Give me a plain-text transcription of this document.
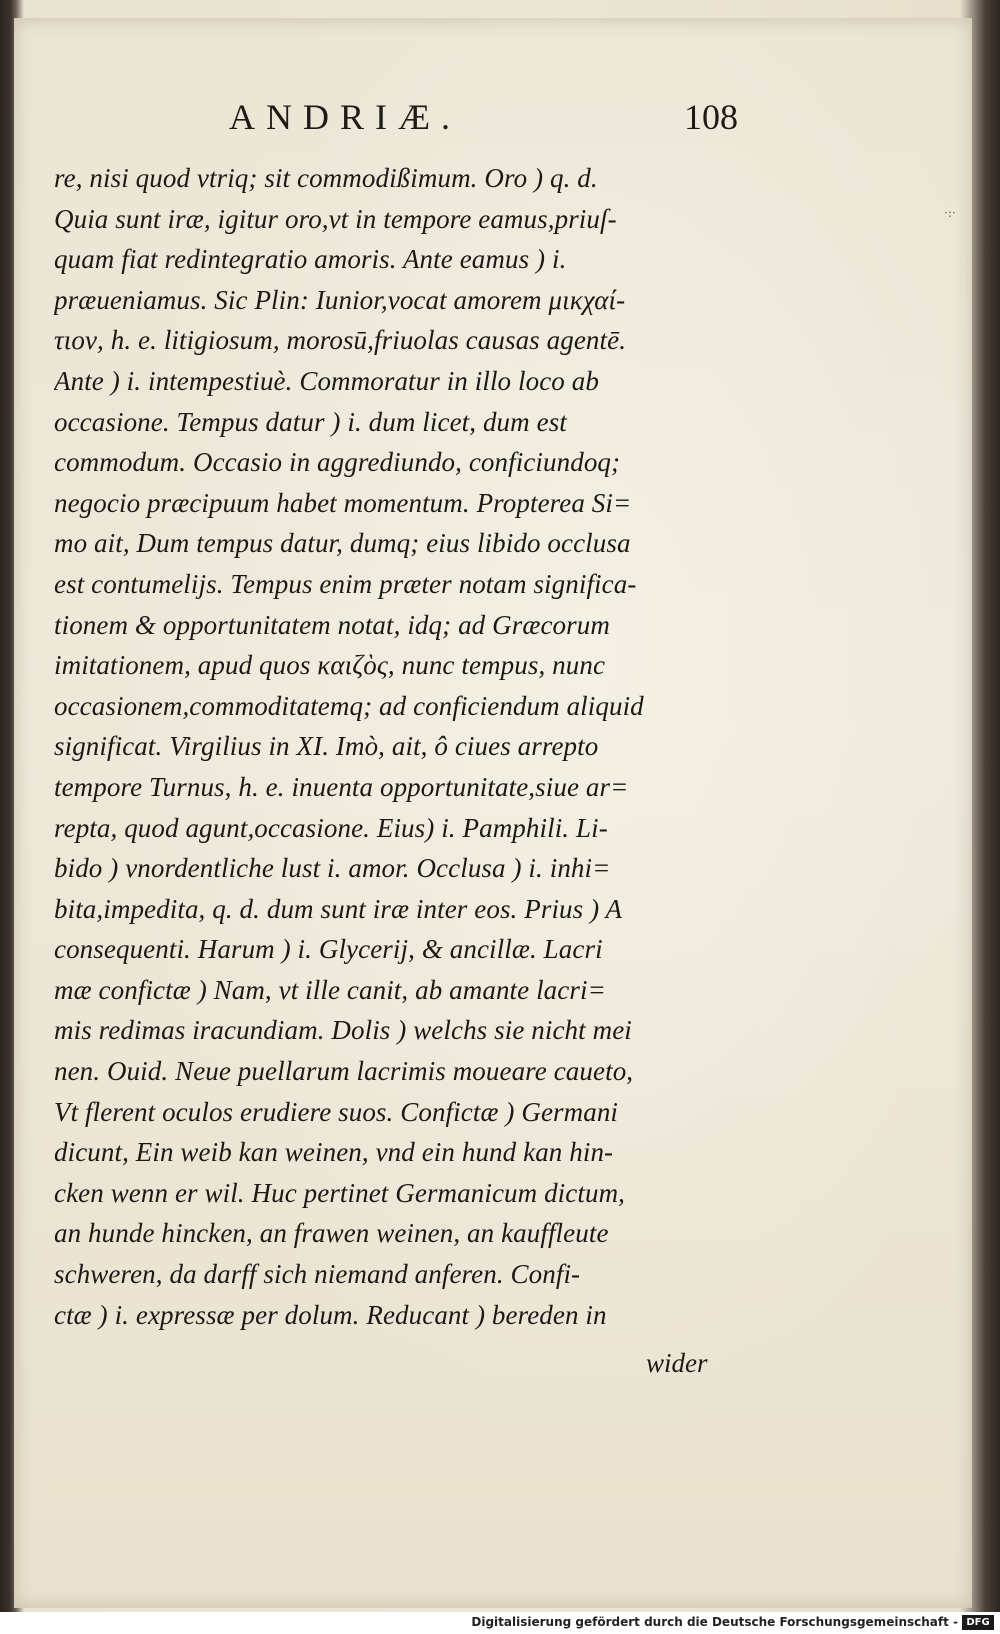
ANDRIÆ.	108
re, nisi quod vtriq; sit commodißimum. Oro ) q. d.
Quia sunt iræ, igitur oro,vt in tempore eamus,priuſ-
quam fiat redintegratio amoris. Ante eamus ) i.
præueniamus. Sic Plin: Iunior,vocat amorem μικχαί-
τιον, h. e. litigiosum, morosū,friuolas causas agentē.
Ante ) i. intempestiuè. Commoratur in illo loco ab
occasione. Tempus datur ) i. dum licet, dum est
commodum. Occasio in aggrediundo, conficiundoq;
negocio præcipuum habet momentum. Propterea Si=
mo ait, Dum tempus datur, dumq; eius libido occlusa
est contumelijs. Tempus enim præter notam significa-
tionem & opportunitatem notat, idq; ad Græcorum
imitationem, apud quos καιζὸς, nunc tempus, nunc
occasionem,commoditatemq; ad conficiendum aliquid
significat. Virgilius in XI. Imò, ait, ô ciues arrepto
tempore Turnus, h. e. inuenta opportunitate,siue ar=
repta, quod agunt,occasione. Eius) i. Pamphili. Li-
bido ) vnordentliche lust i. amor. Occlusa ) i. inhi=
bita,impedita, q. d. dum sunt iræ inter eos. Prius ) A
consequenti. Harum ) i. Glycerij, & ancillæ. Lacri
mæ confictæ ) Nam, vt ille canit, ab amante lacri=
mis redimas iracundiam. Dolis ) welchs sie nicht mei
nen. Ouid. Neue puellarum lacrimis moueare caueto,
Vt flerent oculos erudiere suos. Confictæ ) Germani
dicunt, Ein weib kan weinen, vnd ein hund kan hin-
cken wenn er wil. Huc pertinet Germanicum dictum,
an hunde hincken, an frawen weinen, an kauffleute
schweren, da darff sich niemand anferen. Confi-
ctæ ) i. expressæ per dolum. Reducant ) bereden in
wider
·:·
Digitalisierung gefördert durch die Deutsche Forschungsgemeinschaft - DFG
